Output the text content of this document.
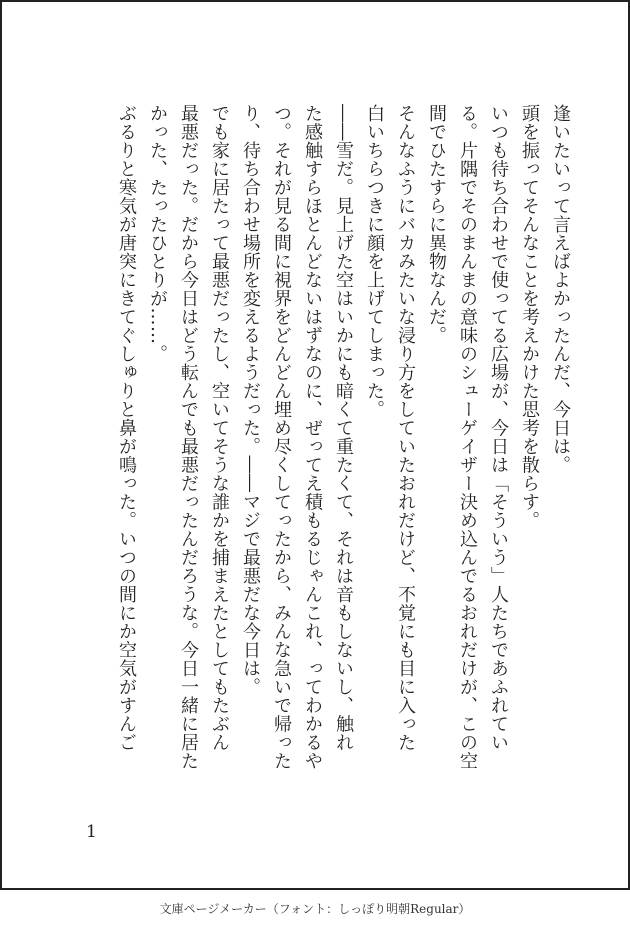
逢いたいって言えばよかったんだ、今日は。
頭を振ってそんなことを考えかけた思考を散らす。
いつも待ち合わせで使ってる広場が、今日は「そういう」人たちであふれてい
る。片隅でそのまんまの意味のシューゲイザー決め込んでるおれだけが、この空
間でひたすらに異物なんだ。
そんなふうにバカみたいな浸り方をしていたおれだけど、不覚にも目に入った
白いちらつきに顔を上げてしまった。
――雪だ。見上げた空はいかにも暗くて重たくて、それは音もしないし、触れ
た感触すらほとんどないはずなのに、ぜってえ積もるじゃんこれ、ってわかるや
つ。それが見る間に視界をどんどん埋め尽くしてったから、みんな急いで帰った
り、待ち合わせ場所を変えるようだった。――マジで最悪だな今日は。
でも家に居たって最悪だったし、空いてそうな誰かを捕まえたとしてもたぶん
最悪だった。だから今日はどう転んでも最悪だったんだろうな。今日一緒に居た
かった、たったひとりが……。
ぶるりと寒気が唐突にきてぐしゅりと鼻が鳴った。いつの間にか空気がすんご
1
文庫ページメーカー（フォント：しっぽり明朝Regular）
